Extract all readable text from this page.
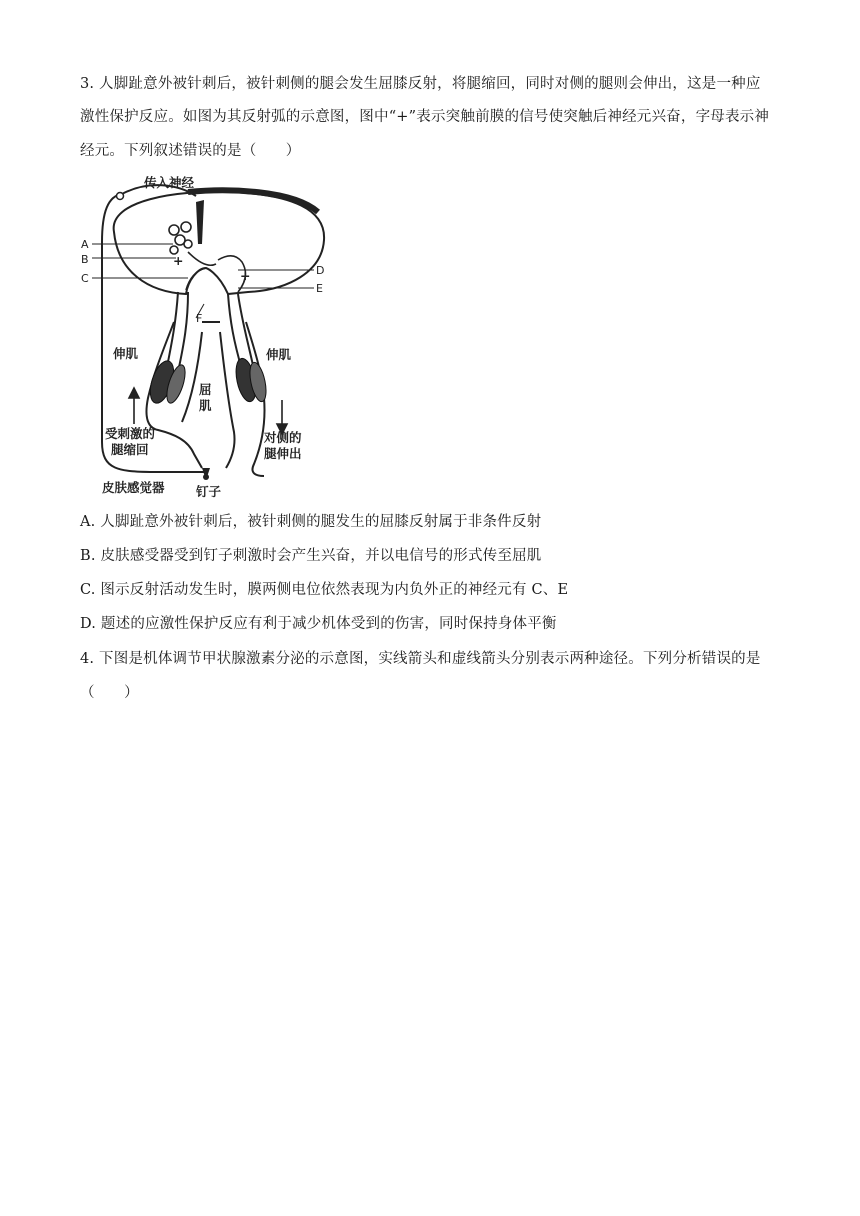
3. 人脚趾意外被针刺后，被针刺侧的腿会发生屈膝反射，将腿缩回，同时对侧的腿则会伸出，这是一种应
激性保护反应。如图为其反射弧的示意图，图中“+”表示突触前膜的信号使突触后神经元兴奋，字母表示神
经元。下列叙述错误的是（　　）
+
+
传入神经
A
B
C
D
E
F
伸肌	伸肌
屈
肌
受刺激的
腿缩回
对侧的
腿伸出
皮肤感觉器	钉子
A. 人脚趾意外被针刺后，被针刺侧的腿发生的屈膝反射属于非条件反射
B. 皮肤感受器受到钉子刺激时会产生兴奋，并以电信号的形式传至屈肌
C. 图示反射活动发生时，膜两侧电位依然表现为内负外正的神经元有 C、E
D. 题述的应激性保护反应有利于减少机体受到的伤害，同时保持身体平衡
4. 下图是机体调节甲状腺激素分泌的示意图，实线箭头和虚线箭头分别表示两种途径。下列分析错误的是
（　　）
